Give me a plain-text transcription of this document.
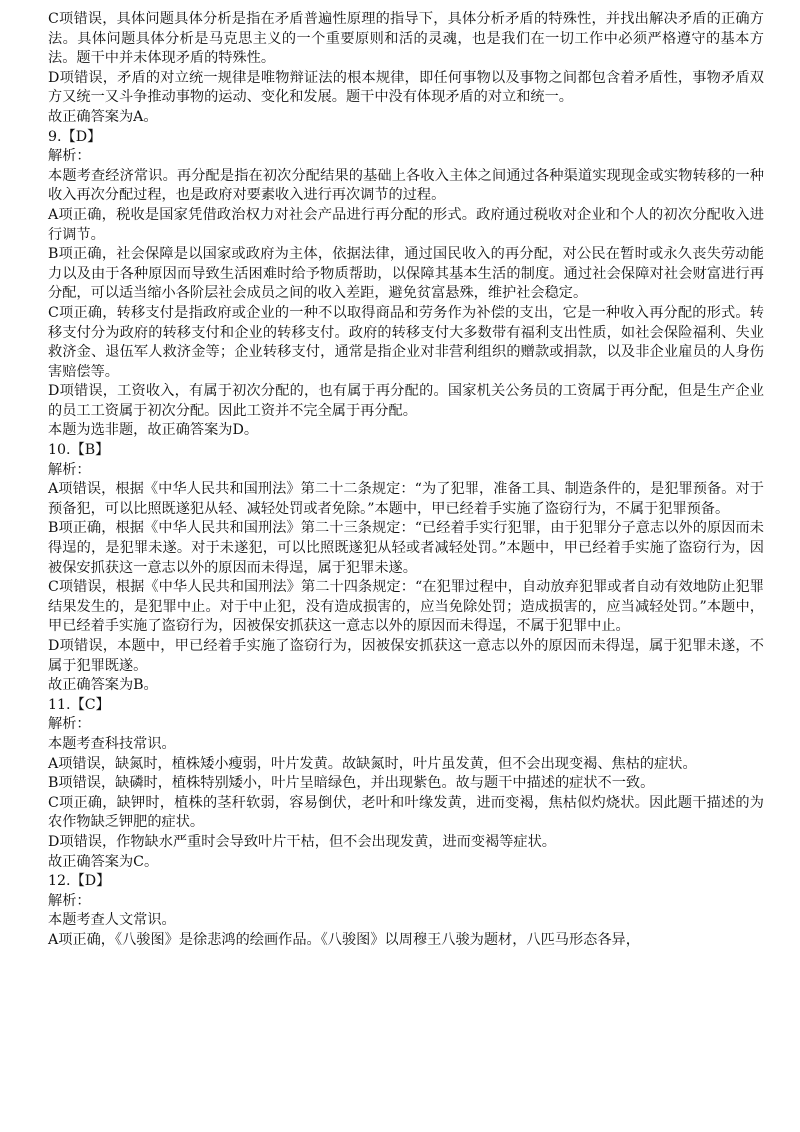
C项错误，具体问题具体分析是指在矛盾普遍性原理的指导下，具体分析矛盾的特殊性，并找出解决矛盾的正确方法。具体问题具体分析是马克思主义的一个重要原则和活的灵魂，也是我们在一切工作中必须严格遵守的基本方法。题干中并未体现矛盾的特殊性。

D项错误，矛盾的对立统一规律是唯物辩证法的根本规律，即任何事物以及事物之间都包含着矛盾性，事物矛盾双方又统一又斗争推动事物的运动、变化和发展。题干中没有体现矛盾的对立和统一。

故正确答案为A。

9.【D】

解析：

本题考查经济常识。再分配是指在初次分配结果的基础上各收入主体之间通过各种渠道实现现金或实物转移的一种收入再次分配过程，也是政府对要素收入进行再次调节的过程。

A项正确，税收是国家凭借政治权力对社会产品进行再分配的形式。政府通过税收对企业和个人的初次分配收入进行调节。

B项正确，社会保障是以国家或政府为主体，依据法律，通过国民收入的再分配，对公民在暂时或永久丧失劳动能力以及由于各种原因而导致生活困难时给予物质帮助，以保障其基本生活的制度。通过社会保障对社会财富进行再分配，可以适当缩小各阶层社会成员之间的收入差距，避免贫富悬殊，维护社会稳定。

C项正确，转移支付是指政府或企业的一种不以取得商品和劳务作为补偿的支出，它是一种收入再分配的形式。转移支付分为政府的转移支付和企业的转移支付。政府的转移支付大多数带有福利支出性质，如社会保险福利、失业救济金、退伍军人救济金等；企业转移支付，通常是指企业对非营利组织的赠款或捐款，以及非企业雇员的人身伤害赔偿等。

D项错误，工资收入，有属于初次分配的，也有属于再分配的。国家机关公务员的工资属于再分配，但是生产企业的员工工资属于初次分配。因此工资并不完全属于再分配。

本题为选非题，故正确答案为D。

10.【B】

解析：

A项错误，根据《中华人民共和国刑法》第二十二条规定：“为了犯罪，准备工具、制造条件的，是犯罪预备。对于预备犯，可以比照既遂犯从轻、减轻处罚或者免除。”本题中，甲已经着手实施了盗窃行为，不属于犯罪预备。

B项正确，根据《中华人民共和国刑法》第二十三条规定：“已经着手实行犯罪，由于犯罪分子意志以外的原因而未得逞的，是犯罪未遂。对于未遂犯，可以比照既遂犯从轻或者减轻处罚。”本题中，甲已经着手实施了盗窃行为，因被保安抓获这一意志以外的原因而未得逞，属于犯罪未遂。

C项错误，根据《中华人民共和国刑法》第二十四条规定：“在犯罪过程中，自动放弃犯罪或者自动有效地防止犯罪结果发生的，是犯罪中止。对于中止犯，没有造成损害的，应当免除处罚；造成损害的，应当减轻处罚。”本题中，甲已经着手实施了盗窃行为，因被保安抓获这一意志以外的原因而未得逞，不属于犯罪中止。

D项错误，本题中，甲已经着手实施了盗窃行为，因被保安抓获这一意志以外的原因而未得逞，属于犯罪未遂，不属于犯罪既遂。

故正确答案为B。

11.【C】

解析：

本题考查科技常识。

A项错误，缺氮时，植株矮小瘦弱，叶片发黄。故缺氮时，叶片虽发黄，但不会出现变褐、焦枯的症状。

B项错误，缺磷时，植株特别矮小，叶片呈暗绿色，并出现紫色。故与题干中描述的症状不一致。

C项正确，缺钾时，植株的茎秆软弱，容易倒伏，老叶和叶缘发黄，进而变褐，焦枯似灼烧状。因此题干描述的为农作物缺乏钾肥的症状。

D项错误，作物缺水严重时会导致叶片干枯，但不会出现发黄，进而变褐等症状。

故正确答案为C。

12.【D】

解析：

本题考查人文常识。

A项正确，《八骏图》是徐悲鸿的绘画作品。《八骏图》以周穆王八骏为题材，八匹马形态各异，
